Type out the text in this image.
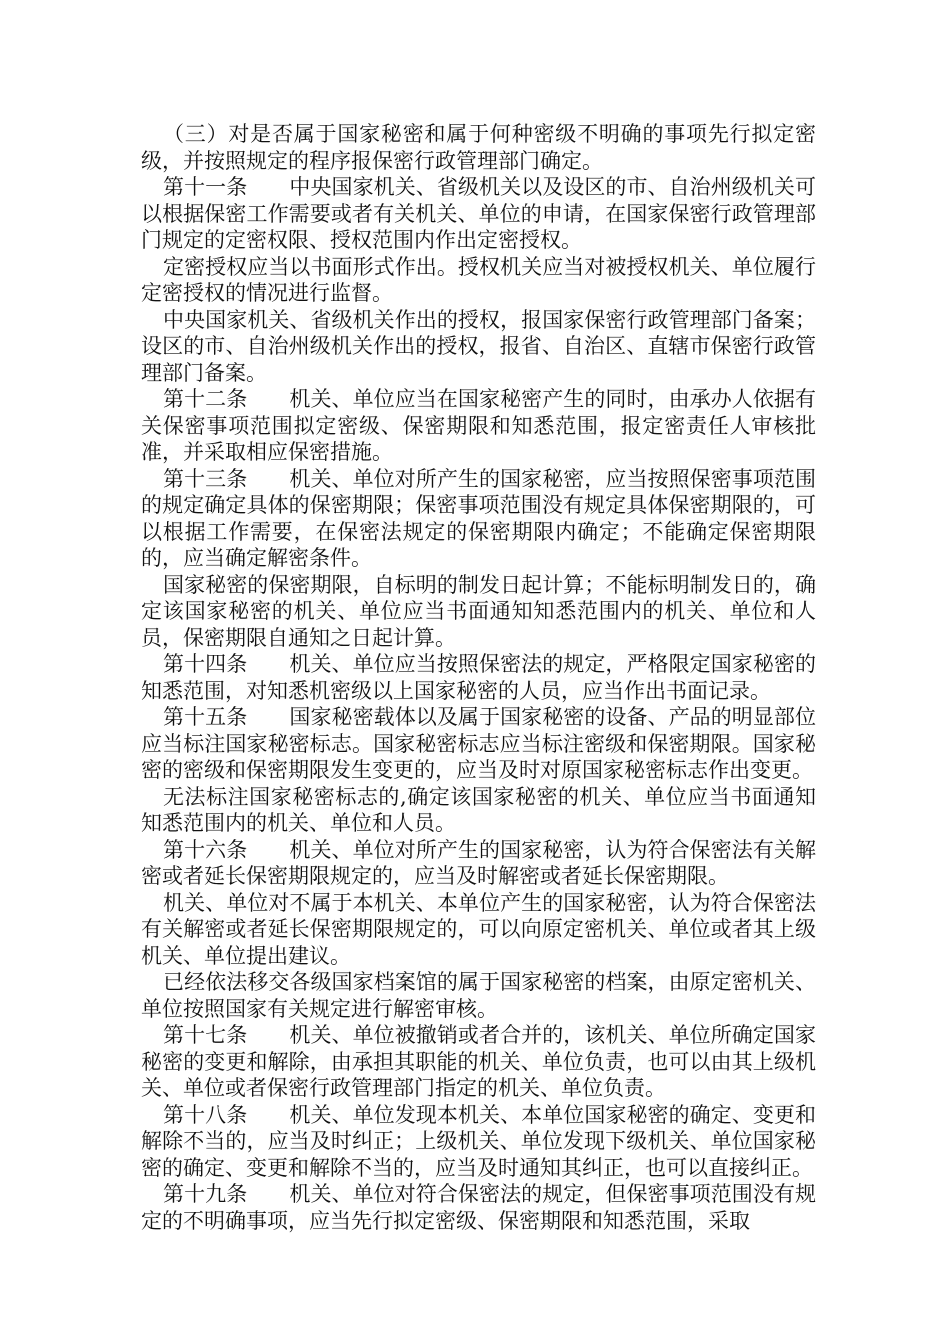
（三）对是否属于国家秘密和属于何种密级不明确的事项先行拟定密级，并按照规定的程序报保密行政管理部门确定。

第十一条　　中央国家机关、省级机关以及设区的市、自治州级机关可以根据保密工作需要或者有关机关、单位的申请，在国家保密行政管理部门规定的定密权限、授权范围内作出定密授权。

定密授权应当以书面形式作出。授权机关应当对被授权机关、单位履行定密授权的情况进行监督。

中央国家机关、省级机关作出的授权，报国家保密行政管理部门备案；设区的市、自治州级机关作出的授权，报省、自治区、直辖市保密行政管理部门备案。

第十二条　　机关、单位应当在国家秘密产生的同时，由承办人依据有关保密事项范围拟定密级、保密期限和知悉范围，报定密责任人审核批准，并采取相应保密措施。

第十三条　　机关、单位对所产生的国家秘密，应当按照保密事项范围的规定确定具体的保密期限；保密事项范围没有规定具体保密期限的，可以根据工作需要，在保密法规定的保密期限内确定；不能确定保密期限的，应当确定解密条件。

国家秘密的保密期限，自标明的制发日起计算；不能标明制发日的，确定该国家秘密的机关、单位应当书面通知知悉范围内的机关、单位和人员，保密期限自通知之日起计算。

第十四条　　机关、单位应当按照保密法的规定，严格限定国家秘密的知悉范围，对知悉机密级以上国家秘密的人员，应当作出书面记录。

第十五条　　国家秘密载体以及属于国家秘密的设备、产品的明显部位应当标注国家秘密标志。国家秘密标志应当标注密级和保密期限。国家秘密的密级和保密期限发生变更的，应当及时对原国家秘密标志作出变更。

无法标注国家秘密标志的,确定该国家秘密的机关、单位应当书面通知知悉范围内的机关、单位和人员。

第十六条　　机关、单位对所产生的国家秘密，认为符合保密法有关解密或者延长保密期限规定的，应当及时解密或者延长保密期限。

机关、单位对不属于本机关、本单位产生的国家秘密，认为符合保密法有关解密或者延长保密期限规定的，可以向原定密机关、单位或者其上级机关、单位提出建议。

已经依法移交各级国家档案馆的属于国家秘密的档案，由原定密机关、单位按照国家有关规定进行解密审核。

第十七条　　机关、单位被撤销或者合并的，该机关、单位所确定国家秘密的变更和解除，由承担其职能的机关、单位负责，也可以由其上级机关、单位或者保密行政管理部门指定的机关、单位负责。

第十八条　　机关、单位发现本机关、本单位国家秘密的确定、变更和解除不当的，应当及时纠正；上级机关、单位发现下级机关、单位国家秘密的确定、变更和解除不当的，应当及时通知其纠正，也可以直接纠正。

第十九条　　机关、单位对符合保密法的规定，但保密事项范围没有规定的不明确事项，应当先行拟定密级、保密期限和知悉范围，采取
